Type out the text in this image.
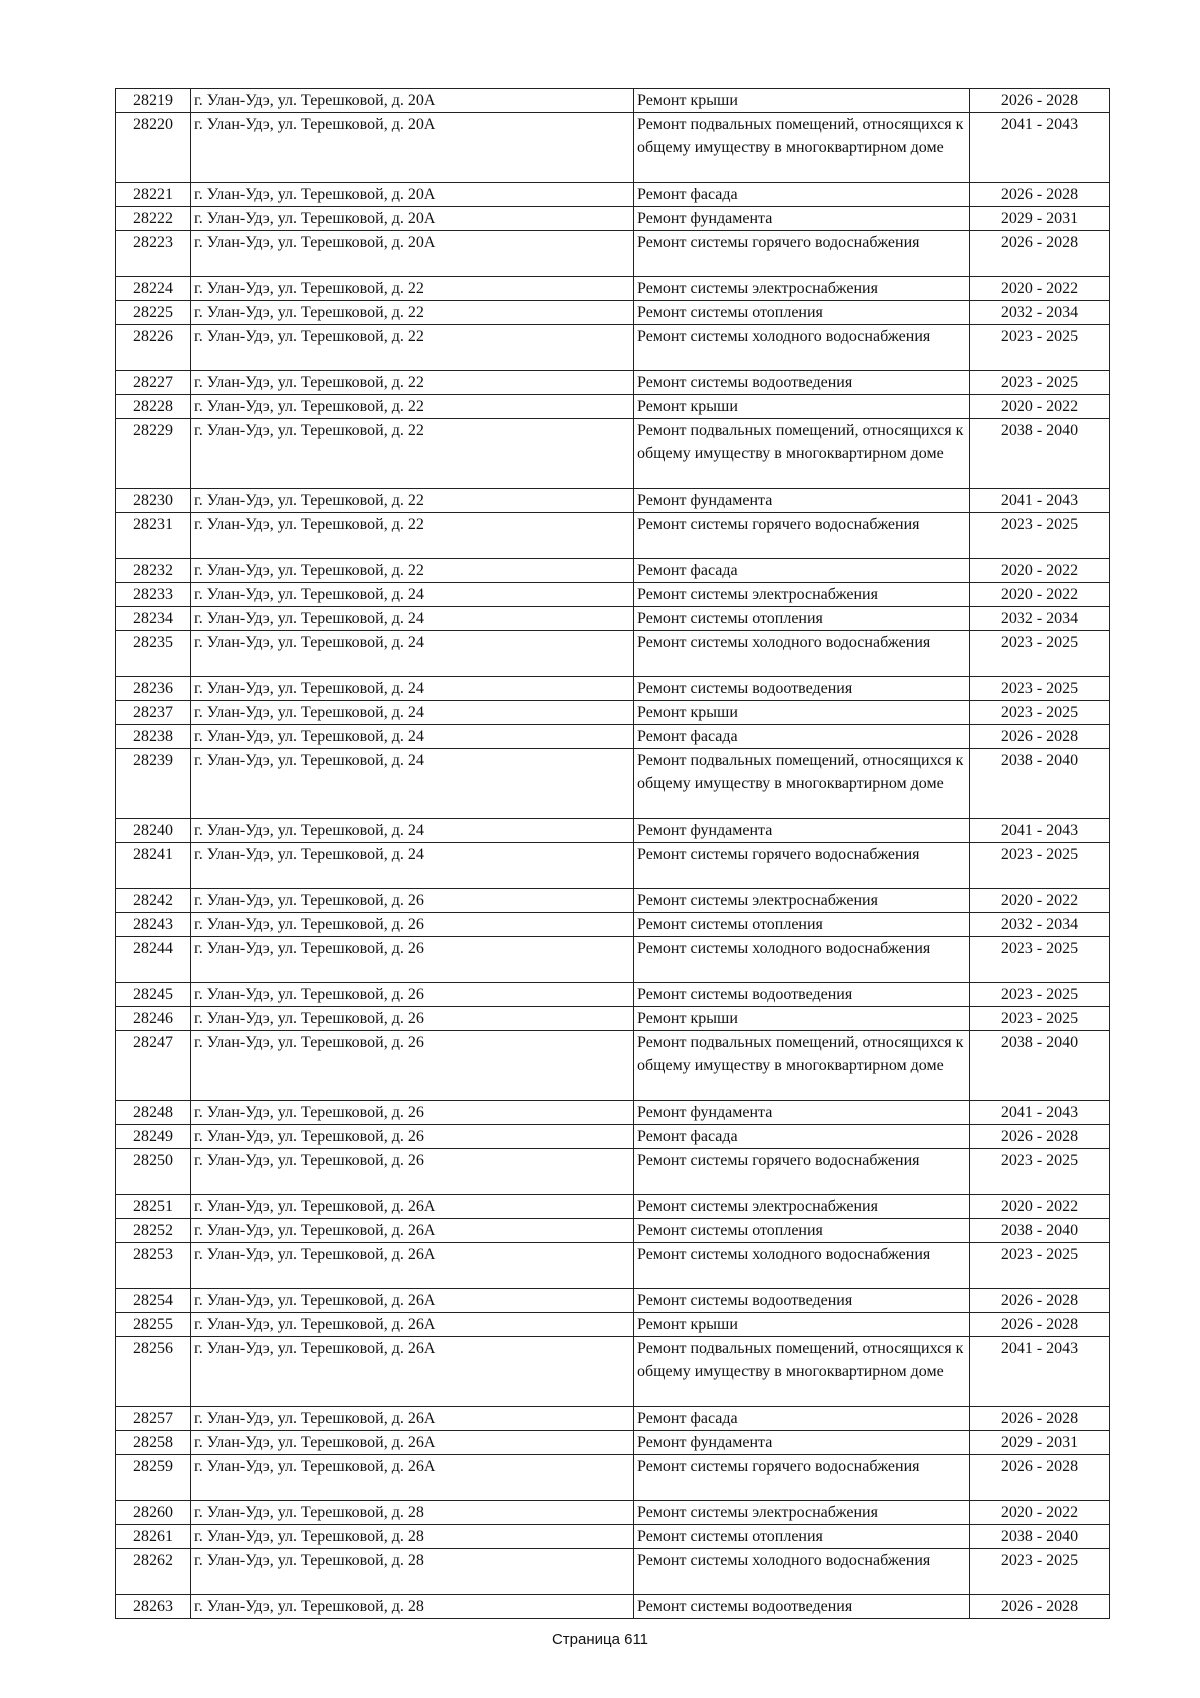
28219	г. Улан-Удэ, ул. Терешковой, д. 20А	Ремонт крыши	2026 - 2028
28220	г. Улан-Удэ, ул. Терешковой, д. 20А	Ремонт подвальных помещений, относящихся к общему имуществу в многоквартирном доме	2041 - 2043
28221	г. Улан-Удэ, ул. Терешковой, д. 20А	Ремонт фасада	2026 - 2028
28222	г. Улан-Удэ, ул. Терешковой, д. 20А	Ремонт фундамента	2029 - 2031
28223	г. Улан-Удэ, ул. Терешковой, д. 20А	Ремонт системы горячего водоснабжения	2026 - 2028
28224	г. Улан-Удэ, ул. Терешковой, д. 22	Ремонт системы электроснабжения	2020 - 2022
28225	г. Улан-Удэ, ул. Терешковой, д. 22	Ремонт системы отопления	2032 - 2034
28226	г. Улан-Удэ, ул. Терешковой, д. 22	Ремонт системы холодного водоснабжения	2023 - 2025
28227	г. Улан-Удэ, ул. Терешковой, д. 22	Ремонт системы водоотведения	2023 - 2025
28228	г. Улан-Удэ, ул. Терешковой, д. 22	Ремонт крыши	2020 - 2022
28229	г. Улан-Удэ, ул. Терешковой, д. 22	Ремонт подвальных помещений, относящихся к общему имуществу в многоквартирном доме	2038 - 2040
28230	г. Улан-Удэ, ул. Терешковой, д. 22	Ремонт фундамента	2041 - 2043
28231	г. Улан-Удэ, ул. Терешковой, д. 22	Ремонт системы горячего водоснабжения	2023 - 2025
28232	г. Улан-Удэ, ул. Терешковой, д. 22	Ремонт фасада	2020 - 2022
28233	г. Улан-Удэ, ул. Терешковой, д. 24	Ремонт системы электроснабжения	2020 - 2022
28234	г. Улан-Удэ, ул. Терешковой, д. 24	Ремонт системы отопления	2032 - 2034
28235	г. Улан-Удэ, ул. Терешковой, д. 24	Ремонт системы холодного водоснабжения	2023 - 2025
28236	г. Улан-Удэ, ул. Терешковой, д. 24	Ремонт системы водоотведения	2023 - 2025
28237	г. Улан-Удэ, ул. Терешковой, д. 24	Ремонт крыши	2023 - 2025
28238	г. Улан-Удэ, ул. Терешковой, д. 24	Ремонт фасада	2026 - 2028
28239	г. Улан-Удэ, ул. Терешковой, д. 24	Ремонт подвальных помещений, относящихся к общему имуществу в многоквартирном доме	2038 - 2040
28240	г. Улан-Удэ, ул. Терешковой, д. 24	Ремонт фундамента	2041 - 2043
28241	г. Улан-Удэ, ул. Терешковой, д. 24	Ремонт системы горячего водоснабжения	2023 - 2025
28242	г. Улан-Удэ, ул. Терешковой, д. 26	Ремонт системы электроснабжения	2020 - 2022
28243	г. Улан-Удэ, ул. Терешковой, д. 26	Ремонт системы отопления	2032 - 2034
28244	г. Улан-Удэ, ул. Терешковой, д. 26	Ремонт системы холодного водоснабжения	2023 - 2025
28245	г. Улан-Удэ, ул. Терешковой, д. 26	Ремонт системы водоотведения	2023 - 2025
28246	г. Улан-Удэ, ул. Терешковой, д. 26	Ремонт крыши	2023 - 2025
28247	г. Улан-Удэ, ул. Терешковой, д. 26	Ремонт подвальных помещений, относящихся к общему имуществу в многоквартирном доме	2038 - 2040
28248	г. Улан-Удэ, ул. Терешковой, д. 26	Ремонт фундамента	2041 - 2043
28249	г. Улан-Удэ, ул. Терешковой, д. 26	Ремонт фасада	2026 - 2028
28250	г. Улан-Удэ, ул. Терешковой, д. 26	Ремонт системы горячего водоснабжения	2023 - 2025
28251	г. Улан-Удэ, ул. Терешковой, д. 26А	Ремонт системы электроснабжения	2020 - 2022
28252	г. Улан-Удэ, ул. Терешковой, д. 26А	Ремонт системы отопления	2038 - 2040
28253	г. Улан-Удэ, ул. Терешковой, д. 26А	Ремонт системы холодного водоснабжения	2023 - 2025
28254	г. Улан-Удэ, ул. Терешковой, д. 26А	Ремонт системы водоотведения	2026 - 2028
28255	г. Улан-Удэ, ул. Терешковой, д. 26А	Ремонт крыши	2026 - 2028
28256	г. Улан-Удэ, ул. Терешковой, д. 26А	Ремонт подвальных помещений, относящихся к общему имуществу в многоквартирном доме	2041 - 2043
28257	г. Улан-Удэ, ул. Терешковой, д. 26А	Ремонт фасада	2026 - 2028
28258	г. Улан-Удэ, ул. Терешковой, д. 26А	Ремонт фундамента	2029 - 2031
28259	г. Улан-Удэ, ул. Терешковой, д. 26А	Ремонт системы горячего водоснабжения	2026 - 2028
28260	г. Улан-Удэ, ул. Терешковой, д. 28	Ремонт системы электроснабжения	2020 - 2022
28261	г. Улан-Удэ, ул. Терешковой, д. 28	Ремонт системы отопления	2038 - 2040
28262	г. Улан-Удэ, ул. Терешковой, д. 28	Ремонт системы холодного водоснабжения	2023 - 2025
28263	г. Улан-Удэ, ул. Терешковой, д. 28	Ремонт системы водоотведения	2026 - 2028
Страница 611
